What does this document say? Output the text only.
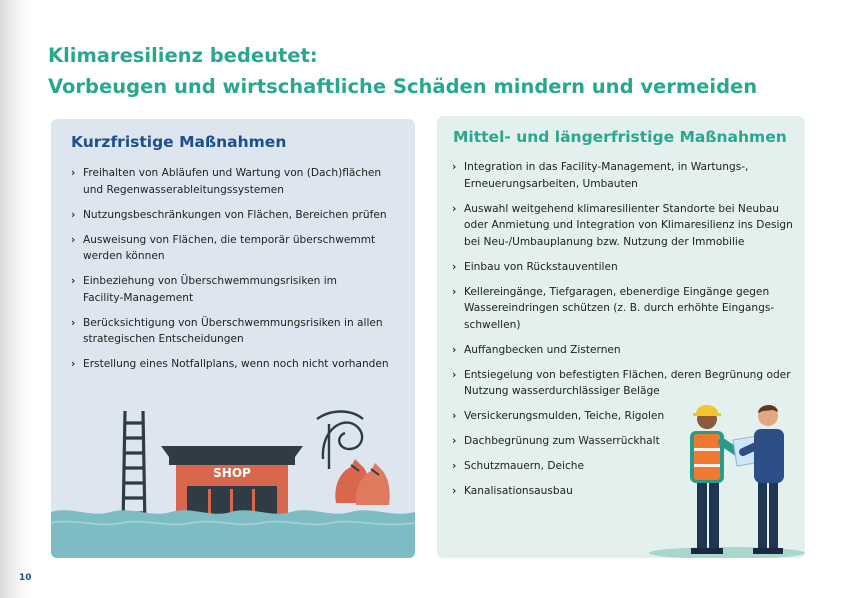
Klimaresilienz bedeutet:
Vorbeugen und wirtschaftliche Schäden mindern und vermeiden
Kurzfristige Maßnahmen
› Freihalten von Abläufen und Wartung von (Dach)flächen
und Regenwasserableitungssystemen
› Nutzungsbeschränkungen von Flächen, Bereichen prüfen
› Ausweisung von Flächen, die temporär überschwemmt
werden können
› Einbeziehung von Überschwemmungsrisiken im
Facility-Management
› Berücksichtigung von Überschwemmungsrisiken in allen
strategischen Entscheidungen
› Erstellung eines Notfallplans, wenn noch nicht vorhanden
SHOP
Mittel- und längerfristige Maßnahmen
› Integration in das Facility-Management, in Wartungs-,
Erneuerungsarbeiten, Umbauten
› Auswahl weitgehend klimaresilienter Standorte bei Neubau
oder Anmietung und Integration von Klimaresilienz ins Design
bei Neu-/Umbauplanung bzw. Nutzung der Immobilie
› Einbau von Rückstauventilen
› Kellereingänge, Tiefgaragen, ebenerdige Eingänge gegen
Wassereindringen schützen (z. B. durch erhöhte Eingangs-
schwellen)
› Auffangbecken und Zisternen
› Entsiegelung von befestigten Flächen, deren Begrünung oder
Nutzung wasserdurchlässiger Beläge
› Versickerungsmulden, Teiche, Rigolen
› Dachbegrünung zum Wasserrückhalt
› Schutzmauern, Deiche
› Kanalisationsausbau
10
